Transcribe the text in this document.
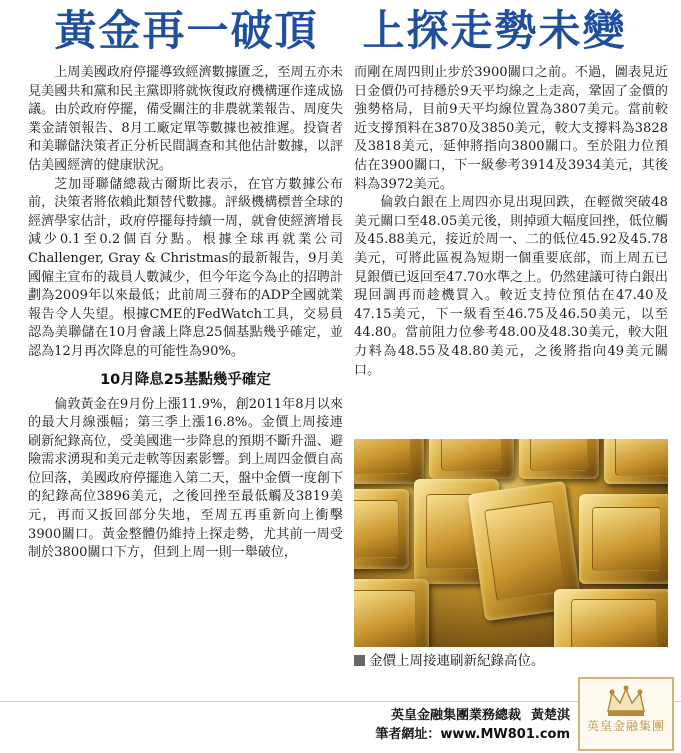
黃金再一破頂　上探走勢未變

上周美國政府停擺導致經濟數據匱乏，至周五亦未見美國共和黨和民主黨即將就恢復政府機構運作達成協議。由於政府停擺，備受關注的非農就業報告、周度失業金請領報告、8月工廠定單等數據也被推遲。投資者和美聯儲決策者正分析民間調查和其他估計數據，以評估美國經濟的健康狀況。

芝加哥聯儲總裁古爾斯比表示，在官方數據公布前，決策者將依賴此類替代數據。評級機構標普全球的經濟學家估計，政府停擺每持續一周，就會使經濟增長減少0.1至0.2個百分點。根據全球再就業公司Challenger, Gray & Christmas的最新報告，9月美國僱主宣布的裁員人數減少，但今年迄今為止的招聘計劃為2009年以來最低；此前周三發布的ADP全國就業報告令人失望。根據CME的FedWatch工具，交易員認為美聯儲在10月會議上降息25個基點幾乎確定，並認為12月再次降息的可能性為90%。

10月降息25基點幾乎確定

倫敦黃金在9月份上漲11.9%，創2011年8月以來的最大月線漲幅；第三季上漲16.8%。金價上周接連刷新紀錄高位，受美國進一步降息的預期不斷升溫、避險需求湧現和美元走軟等因素影響。到上周四金價自高位回落，美國政府停擺進入第二天，盤中金價一度創下的紀錄高位3896美元，之後回挫至最低觸及3819美元，再而又扳回部分失地，至周五再重新向上衝擊3900關口。黃金整體仍維持上探走勢，尤其前一周受制於3800關口下方，但到上周一則一舉破位，

而剛在周四則止步於3900關口之前。不過，圖表見近日金價仍可持穩於9天平均線之上走高，鞏固了金價的強勢格局，目前9天平均線位置為3807美元。當前較近支撐預料在3870及3850美元，較大支撐料為3828及3818美元，延伸將指向3800關口。至於阻力位預估在3900關口，下一級參考3914及3934美元，其後料為3972美元。

倫敦白銀在上周四亦見出現回跌，在輕微突破48美元關口至48.05美元後，則掉頭大幅度回挫，低位觸及45.88美元，接近於周一、二的低位45.92及45.78美元，可將此區視為短期一個重要底部，而上周五已見銀價已返回至47.70水準之上。仍然建議可待白銀出現回調再而趁機買入。較近支持位預估在47.40及47.15美元，下一級看至46.75及46.50美元，以至44.80。當前阻力位參考48.00及48.30美元，較大阻力料為48.55及48.80美元，之後將指向49美元關口。

金價上周接連刷新紀錄高位。
英皇金融集團業務總裁 黃楚淇
筆者網址：www.MW801.com
英皇金融集團
